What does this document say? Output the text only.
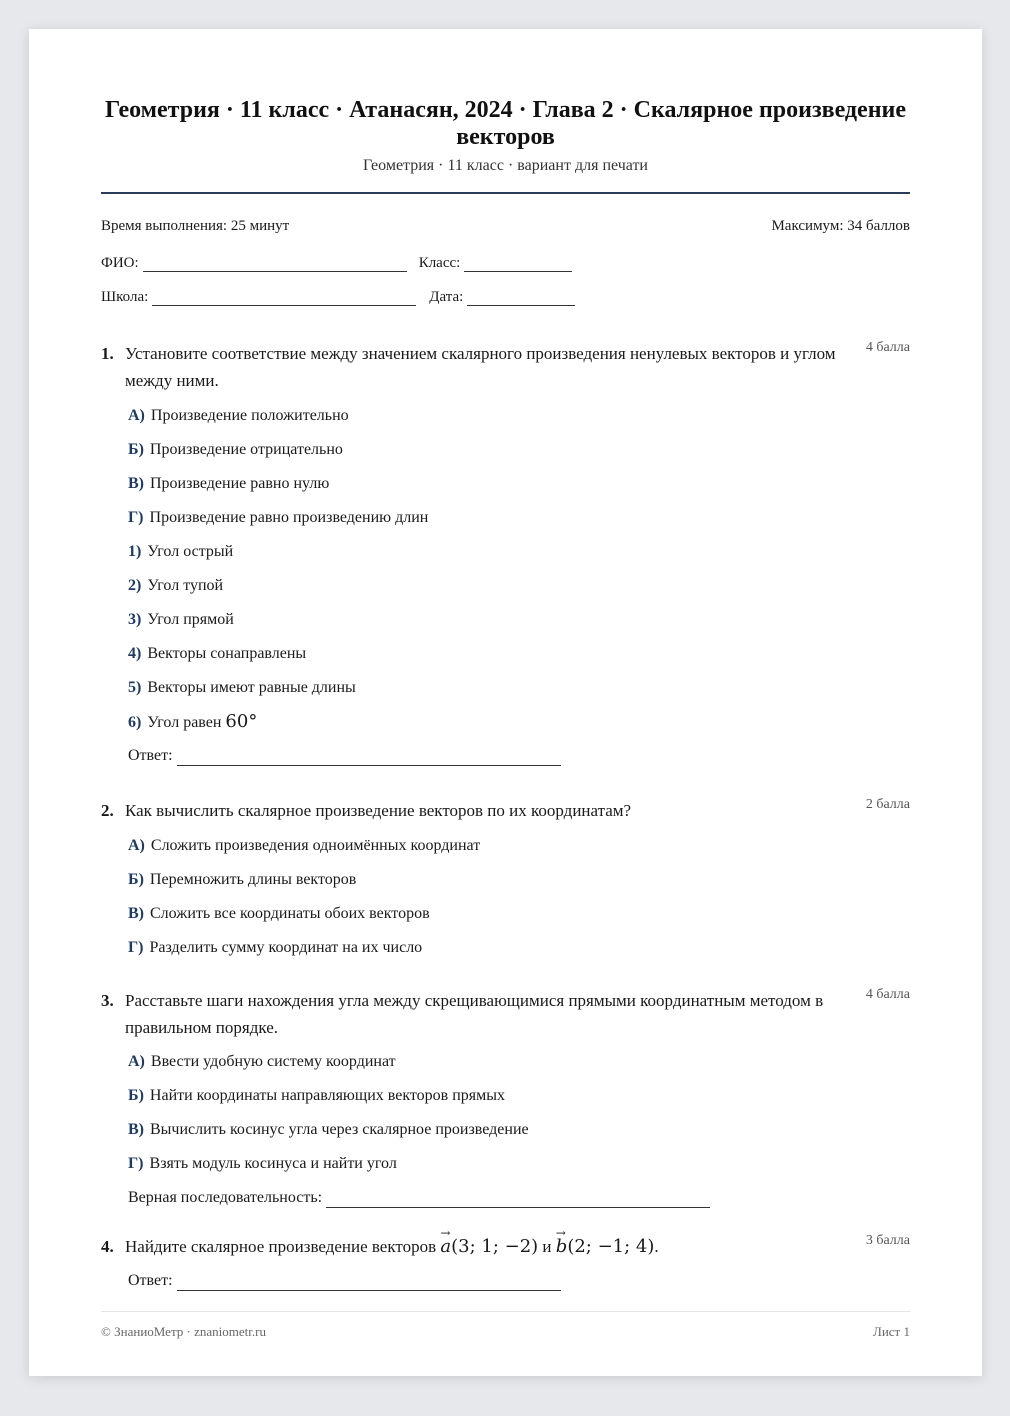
Геометрия · 11 класс · Атанасян, 2024 · Глава 2 · Скалярное произведение векторов
Геометрия · 11 класс · вариант для печати
Время выполнения: 25 минут	Максимум: 34 баллов
ФИО:	Класс:
Школа:	Дата:
1. Установите соответствие между значением скалярного произведения ненулевых векторов и углом между ними.
4 балла
А) Произведение положительно
Б) Произведение отрицательно
В) Произведение равно нулю
Г) Произведение равно произведению длин
1) Угол острый
2) Угол тупой
3) Угол прямой
4) Векторы сонаправлены
5) Векторы имеют равные длины
6) Угол равен 60°
Ответ:
2. Как вычислить скалярное произведение векторов по их координатам?	2 балла
А) Сложить произведения одноимённых координат
Б) Перемножить длины векторов
В) Сложить все координаты обоих векторов
Г) Разделить сумму координат на их число
3. Расставьте шаги нахождения угла между скрещивающимися прямыми координатным методом в правильном порядке.
4 балла
А) Ввести удобную систему координат
Б) Найти координаты направляющих векторов прямых
В) Вычислить косинус угла через скалярное произведение
Г) Взять модуль косинуса и найти угол
Верная последовательность:
4. Найдите скалярное произведение векторов → a(3; 1; −2) и → b(2; −1; 4).	3 балла
Ответ:
© ЗнаниоМетр · znaniometr.ru	Лист 1
